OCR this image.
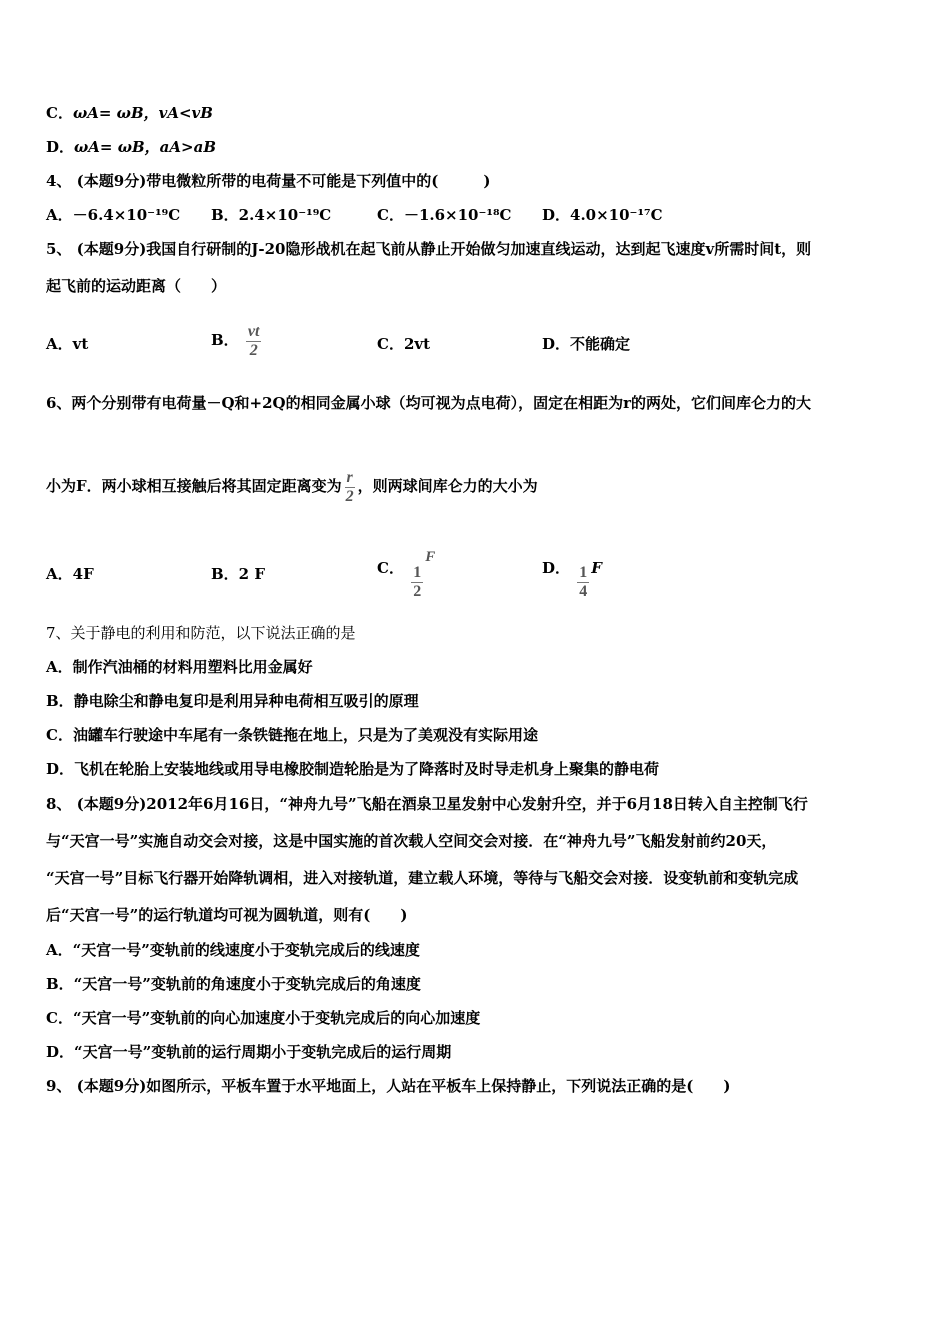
C．ωA= ωB，vA<vB
D．ωA= ωB，aA>aB
4、 (本题9分)带电微粒所带的电荷量不可能是下列值中的(　　　)
A．－6.4×10⁻¹⁹C B．2.4×10⁻¹⁹C	C．－1.6×10⁻¹⁸C D．4.0×10⁻¹⁷C
5、 (本题9分)我国自行研制的J-20隐形战机在起飞前从静止开始做匀加速直线运动，达到起飞速度v所需时间t，则
起飞前的运动距离（　　）
A．vt	B． $\frac{vt}{2}$	C．2vt	D．不能确定
6、两个分别带有电荷量－Q和+2Q的相同金属小球（均可视为点电荷），固定在相距为r的两处，它们间库仑力的大
小为F．两小球相互接触后将其固定距离变为 $\frac{r}{2}$ ，则两球间库仑力的大小为
A．4F	B．2 F	C． $\frac{1}{2}$
F
D． $\frac{1}{4}$ F
7、关于静电的利用和防范，以下说法正确的是
A．制作汽油桶的材料用塑料比用金属好
B．静电除尘和静电复印是利用异种电荷相互吸引的原理
C．油罐车行驶途中车尾有一条铁链拖在地上，只是为了美观没有实际用途
D．飞机在轮胎上安装地线或用导电橡胶制造轮胎是为了降落时及时导走机身上聚集的静电荷
8、 (本题9分)2012年6月16日，“神舟九号”飞船在酒泉卫星发射中心发射升空，并于6月18日转入自主控制飞行
与“天宫一号”实施自动交会对接，这是中国实施的首次载人空间交会对接．在“神舟九号”飞船发射前约20天，
“天宫一号”目标飞行器开始降轨调相，进入对接轨道，建立载人环境，等待与飞船交会对接．设变轨前和变轨完成
后“天宫一号”的运行轨道均可视为圆轨道，则有(　　)
A．“天宫一号”变轨前的线速度小于变轨完成后的线速度
B．“天宫一号”变轨前的角速度小于变轨完成后的角速度
C．“天宫一号”变轨前的向心加速度小于变轨完成后的向心加速度
D．“天宫一号”变轨前的运行周期小于变轨完成后的运行周期
9、 (本题9分)如图所示，平板车置于水平地面上，人站在平板车上保持静止，下列说法正确的是(　　)
